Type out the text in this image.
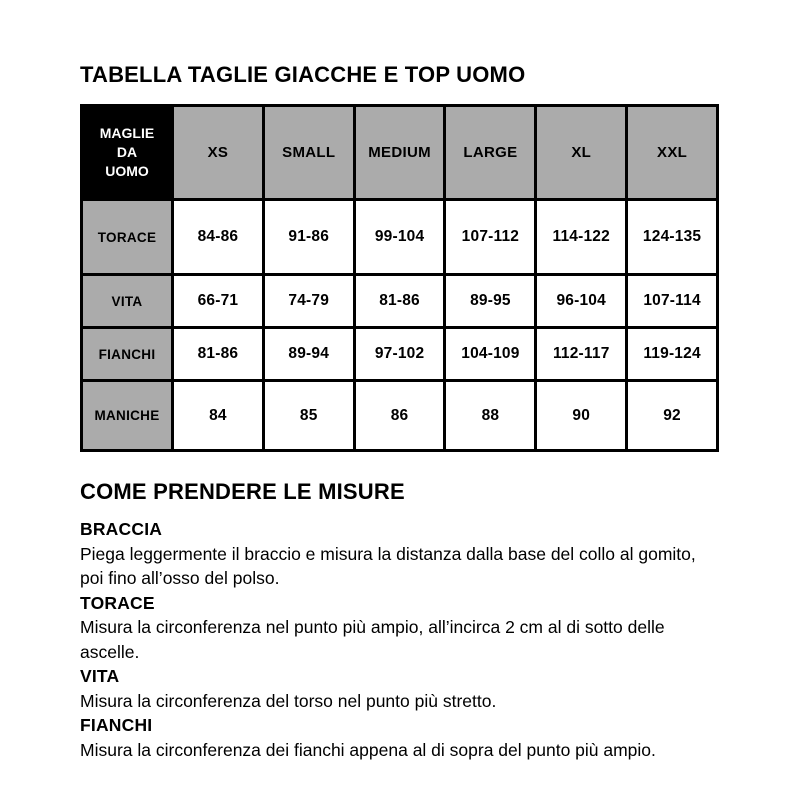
TABELLA TAGLIE GIACCHE E TOP UOMO
MAGLIE
DA
UOMO	XS	SMALL	MEDIUM	LARGE	XL	XXL
TORACE	84-86	91-86	99-104	107-112	114-122	124-135
VITA	66-71	74-79	81-86	89-95	96-104	107-114
FIANCHI	81-86	89-94	97-102	104-109	112-117	119-124
MANICHE	84	85	86	88	90	92
COME PRENDERE LE MISURE
BRACCIA
Piega leggermente il braccio e misura la distanza dalla base del collo al gomito,
poi fino all’osso del polso.
TORACE
Misura la circonferenza nel punto più ampio, all’incirca 2 cm al di sotto delle
ascelle.
VITA
Misura la circonferenza del torso nel punto più stretto.
FIANCHI
Misura la circonferenza dei fianchi appena al di sopra del punto più ampio.
